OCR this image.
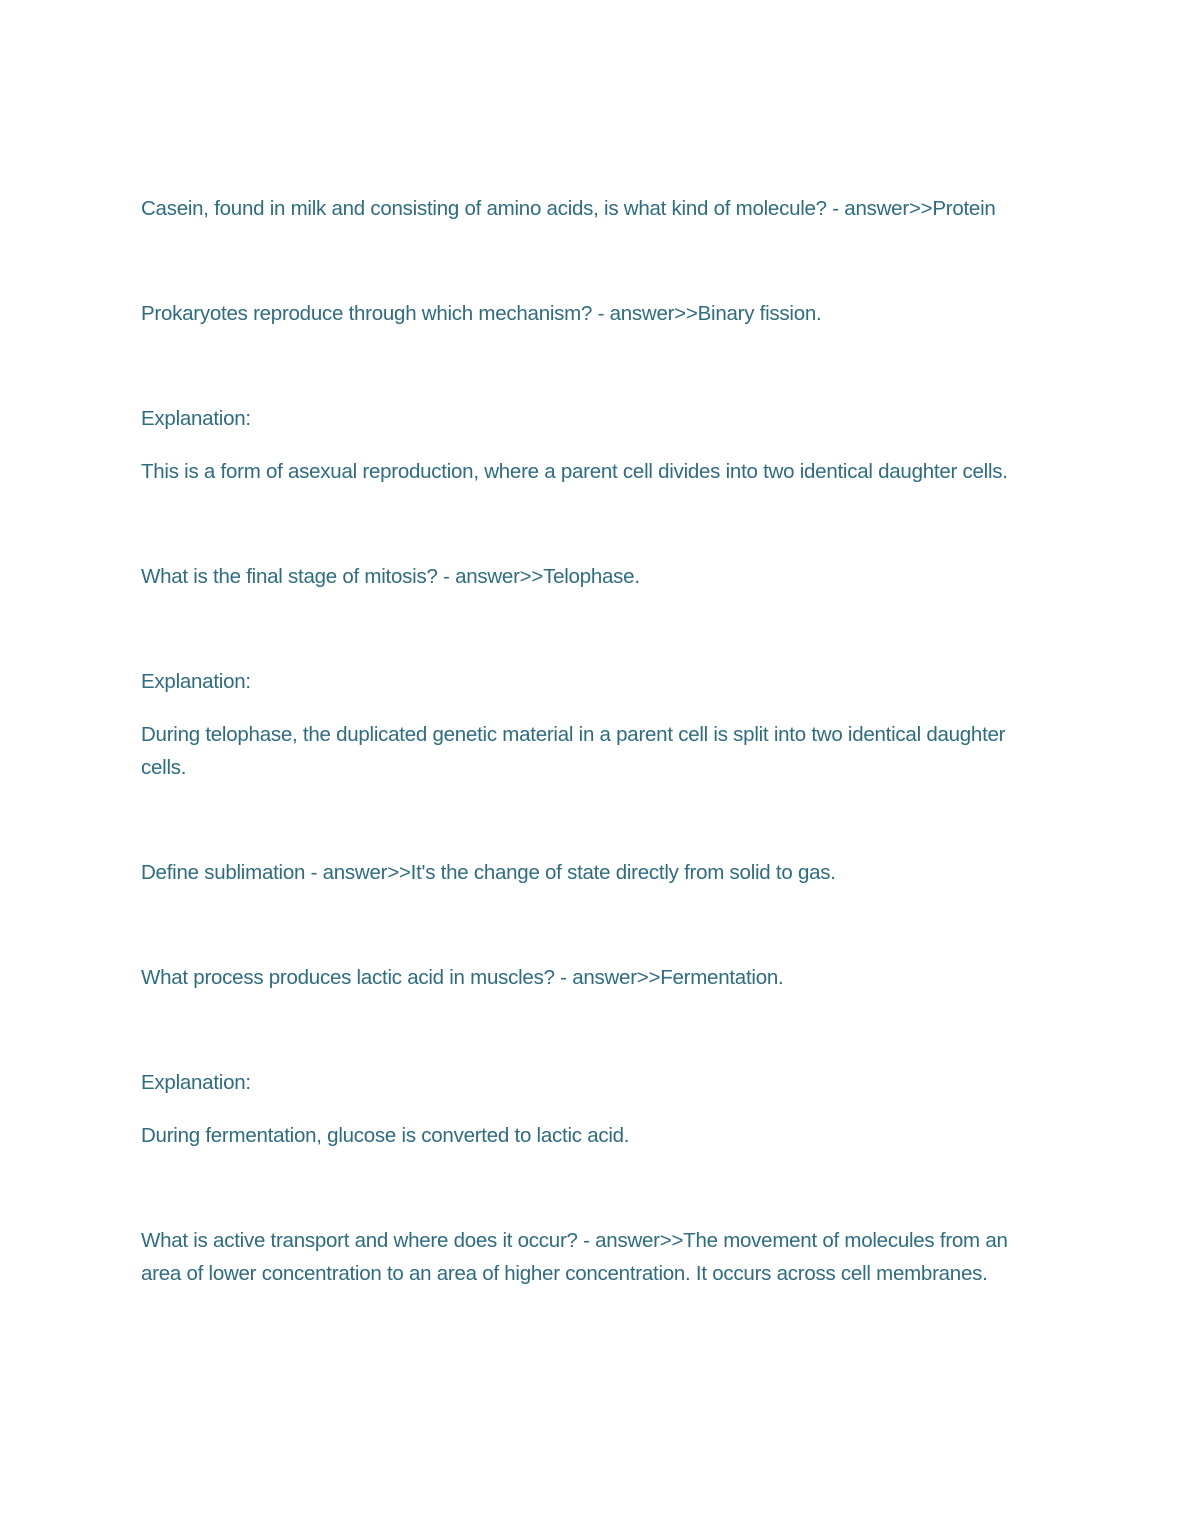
Casein, found in milk and consisting of amino acids, is what kind of molecule? - answer>>Protein

Prokaryotes reproduce through which mechanism? - answer>>Binary fission.

Explanation:

This is a form of asexual reproduction, where a parent cell divides into two identical daughter cells.

What is the final stage of mitosis? - answer>>Telophase.

Explanation:

During telophase, the duplicated genetic material in a parent cell is split into two identical daughter cells.

Define sublimation - answer>>It's the change of state directly from solid to gas.

What process produces lactic acid in muscles? - answer>>Fermentation.

Explanation:

During fermentation, glucose is converted to lactic acid.

What is active transport and where does it occur? - answer>>The movement of molecules from an area of lower concentration to an area of higher concentration. It occurs across cell membranes.
